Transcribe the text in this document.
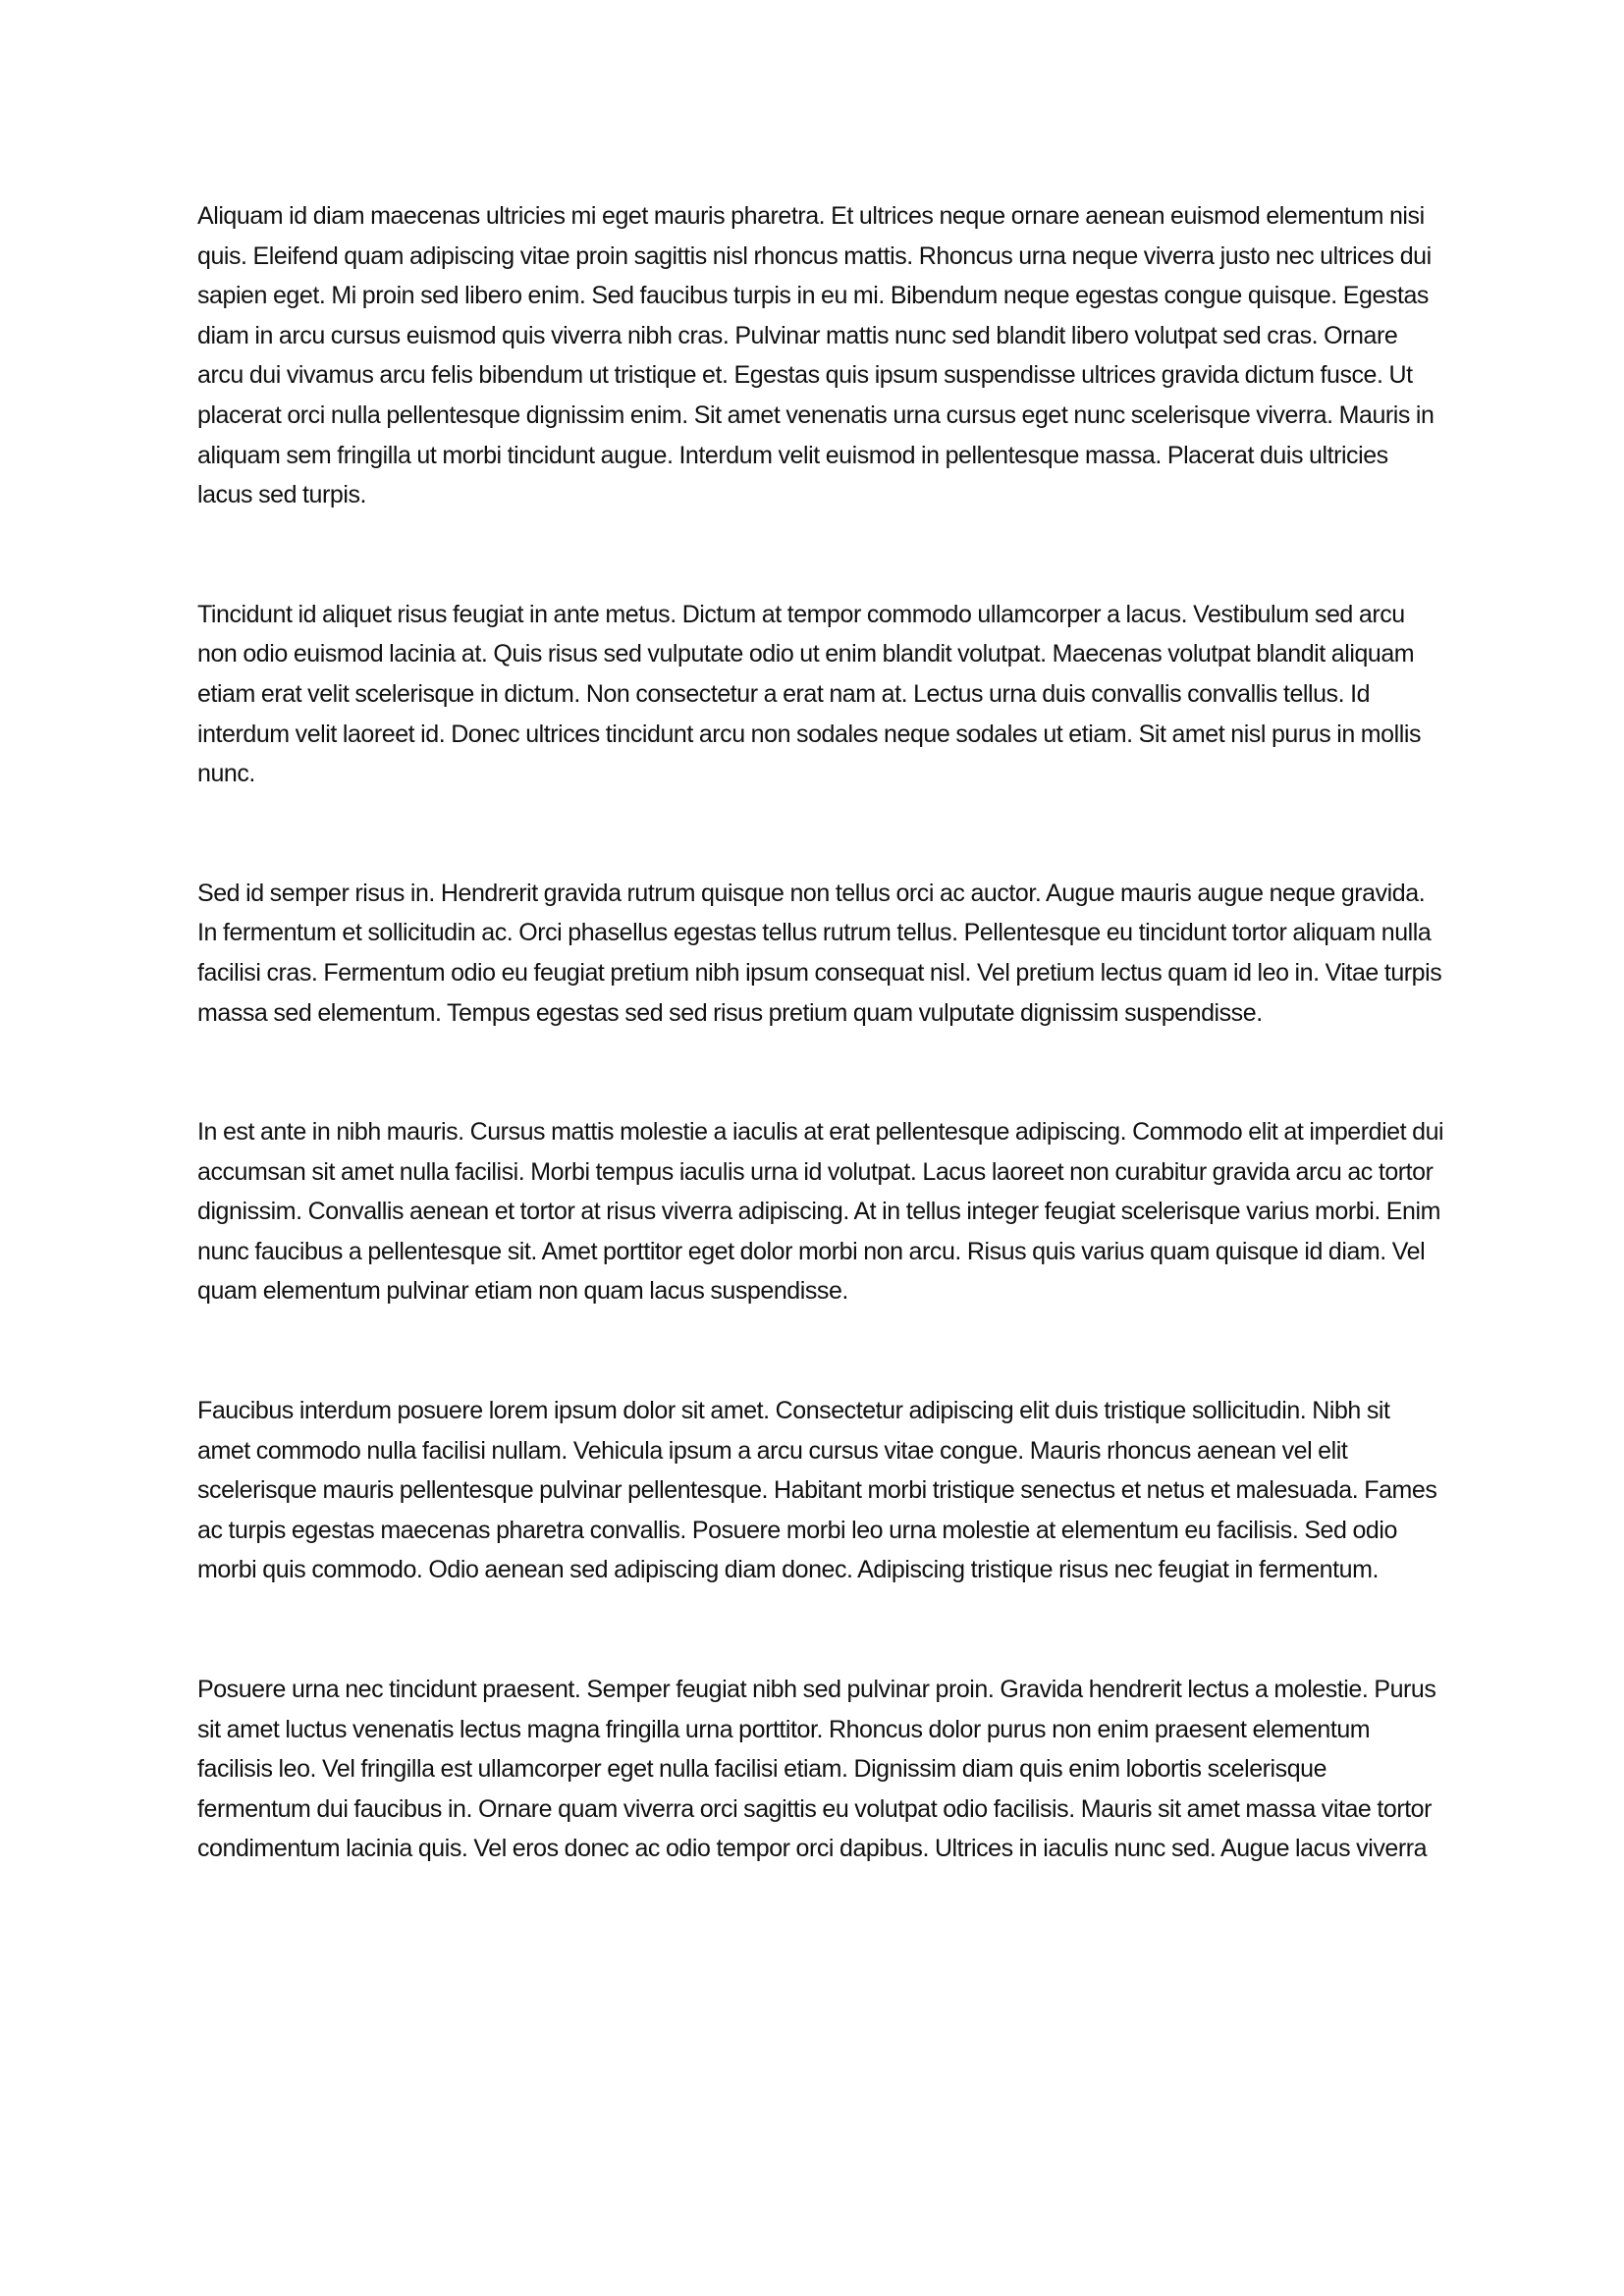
Aliquam id diam maecenas ultricies mi eget mauris pharetra. Et ultrices neque ornare aenean euismod elementum nisi quis. Eleifend quam adipiscing vitae proin sagittis nisl rhoncus mattis. Rhoncus urna neque viverra justo nec ultrices dui sapien eget. Mi proin sed libero enim. Sed faucibus turpis in eu mi. Bibendum neque egestas congue quisque. Egestas diam in arcu cursus euismod quis viverra nibh cras. Pulvinar mattis nunc sed blandit libero volutpat sed cras. Ornare arcu dui vivamus arcu felis bibendum ut tristique et. Egestas quis ipsum suspendisse ultrices gravida dictum fusce. Ut placerat orci nulla pellentesque dignissim enim. Sit amet venenatis urna cursus eget nunc scelerisque viverra. Mauris in aliquam sem fringilla ut morbi tincidunt augue. Interdum velit euismod in pellentesque massa. Placerat duis ultricies lacus sed turpis.

Tincidunt id aliquet risus feugiat in ante metus. Dictum at tempor commodo ullamcorper a lacus. Vestibulum sed arcu non odio euismod lacinia at. Quis risus sed vulputate odio ut enim blandit volutpat. Maecenas volutpat blandit aliquam etiam erat velit scelerisque in dictum. Non consectetur a erat nam at. Lectus urna duis convallis convallis tellus. Id interdum velit laoreet id. Donec ultrices tincidunt arcu non sodales neque sodales ut etiam. Sit amet nisl purus in mollis nunc.

Sed id semper risus in. Hendrerit gravida rutrum quisque non tellus orci ac auctor. Augue mauris augue neque gravida. In fermentum et sollicitudin ac. Orci phasellus egestas tellus rutrum tellus. Pellentesque eu tincidunt tortor aliquam nulla facilisi cras. Fermentum odio eu feugiat pretium nibh ipsum consequat nisl. Vel pretium lectus quam id leo in. Vitae turpis massa sed elementum. Tempus egestas sed sed risus pretium quam vulputate dignissim suspendisse.

In est ante in nibh mauris. Cursus mattis molestie a iaculis at erat pellentesque adipiscing. Commodo elit at imperdiet dui accumsan sit amet nulla facilisi. Morbi tempus iaculis urna id volutpat. Lacus laoreet non curabitur gravida arcu ac tortor dignissim. Convallis aenean et tortor at risus viverra adipiscing. At in tellus integer feugiat scelerisque varius morbi. Enim nunc faucibus a pellentesque sit. Amet porttitor eget dolor morbi non arcu. Risus quis varius quam quisque id diam. Vel quam elementum pulvinar etiam non quam lacus suspendisse.

Faucibus interdum posuere lorem ipsum dolor sit amet. Consectetur adipiscing elit duis tristique sollicitudin. Nibh sit amet commodo nulla facilisi nullam. Vehicula ipsum a arcu cursus vitae congue. Mauris rhoncus aenean vel elit scelerisque mauris pellentesque pulvinar pellentesque. Habitant morbi tristique senectus et netus et malesuada. Fames ac turpis egestas maecenas pharetra convallis. Posuere morbi leo urna molestie at elementum eu facilisis. Sed odio morbi quis commodo. Odio aenean sed adipiscing diam donec. Adipiscing tristique risus nec feugiat in fermentum.

Posuere urna nec tincidunt praesent. Semper feugiat nibh sed pulvinar proin. Gravida hendrerit lectus a molestie. Purus sit amet luctus venenatis lectus magna fringilla urna porttitor. Rhoncus dolor purus non enim praesent elementum facilisis leo. Vel fringilla est ullamcorper eget nulla facilisi etiam. Dignissim diam quis enim lobortis scelerisque fermentum dui faucibus in. Ornare quam viverra orci sagittis eu volutpat odio facilisis. Mauris sit amet massa vitae tortor condimentum lacinia quis. Vel eros donec ac odio tempor orci dapibus. Ultrices in iaculis nunc sed. Augue lacus viverra
